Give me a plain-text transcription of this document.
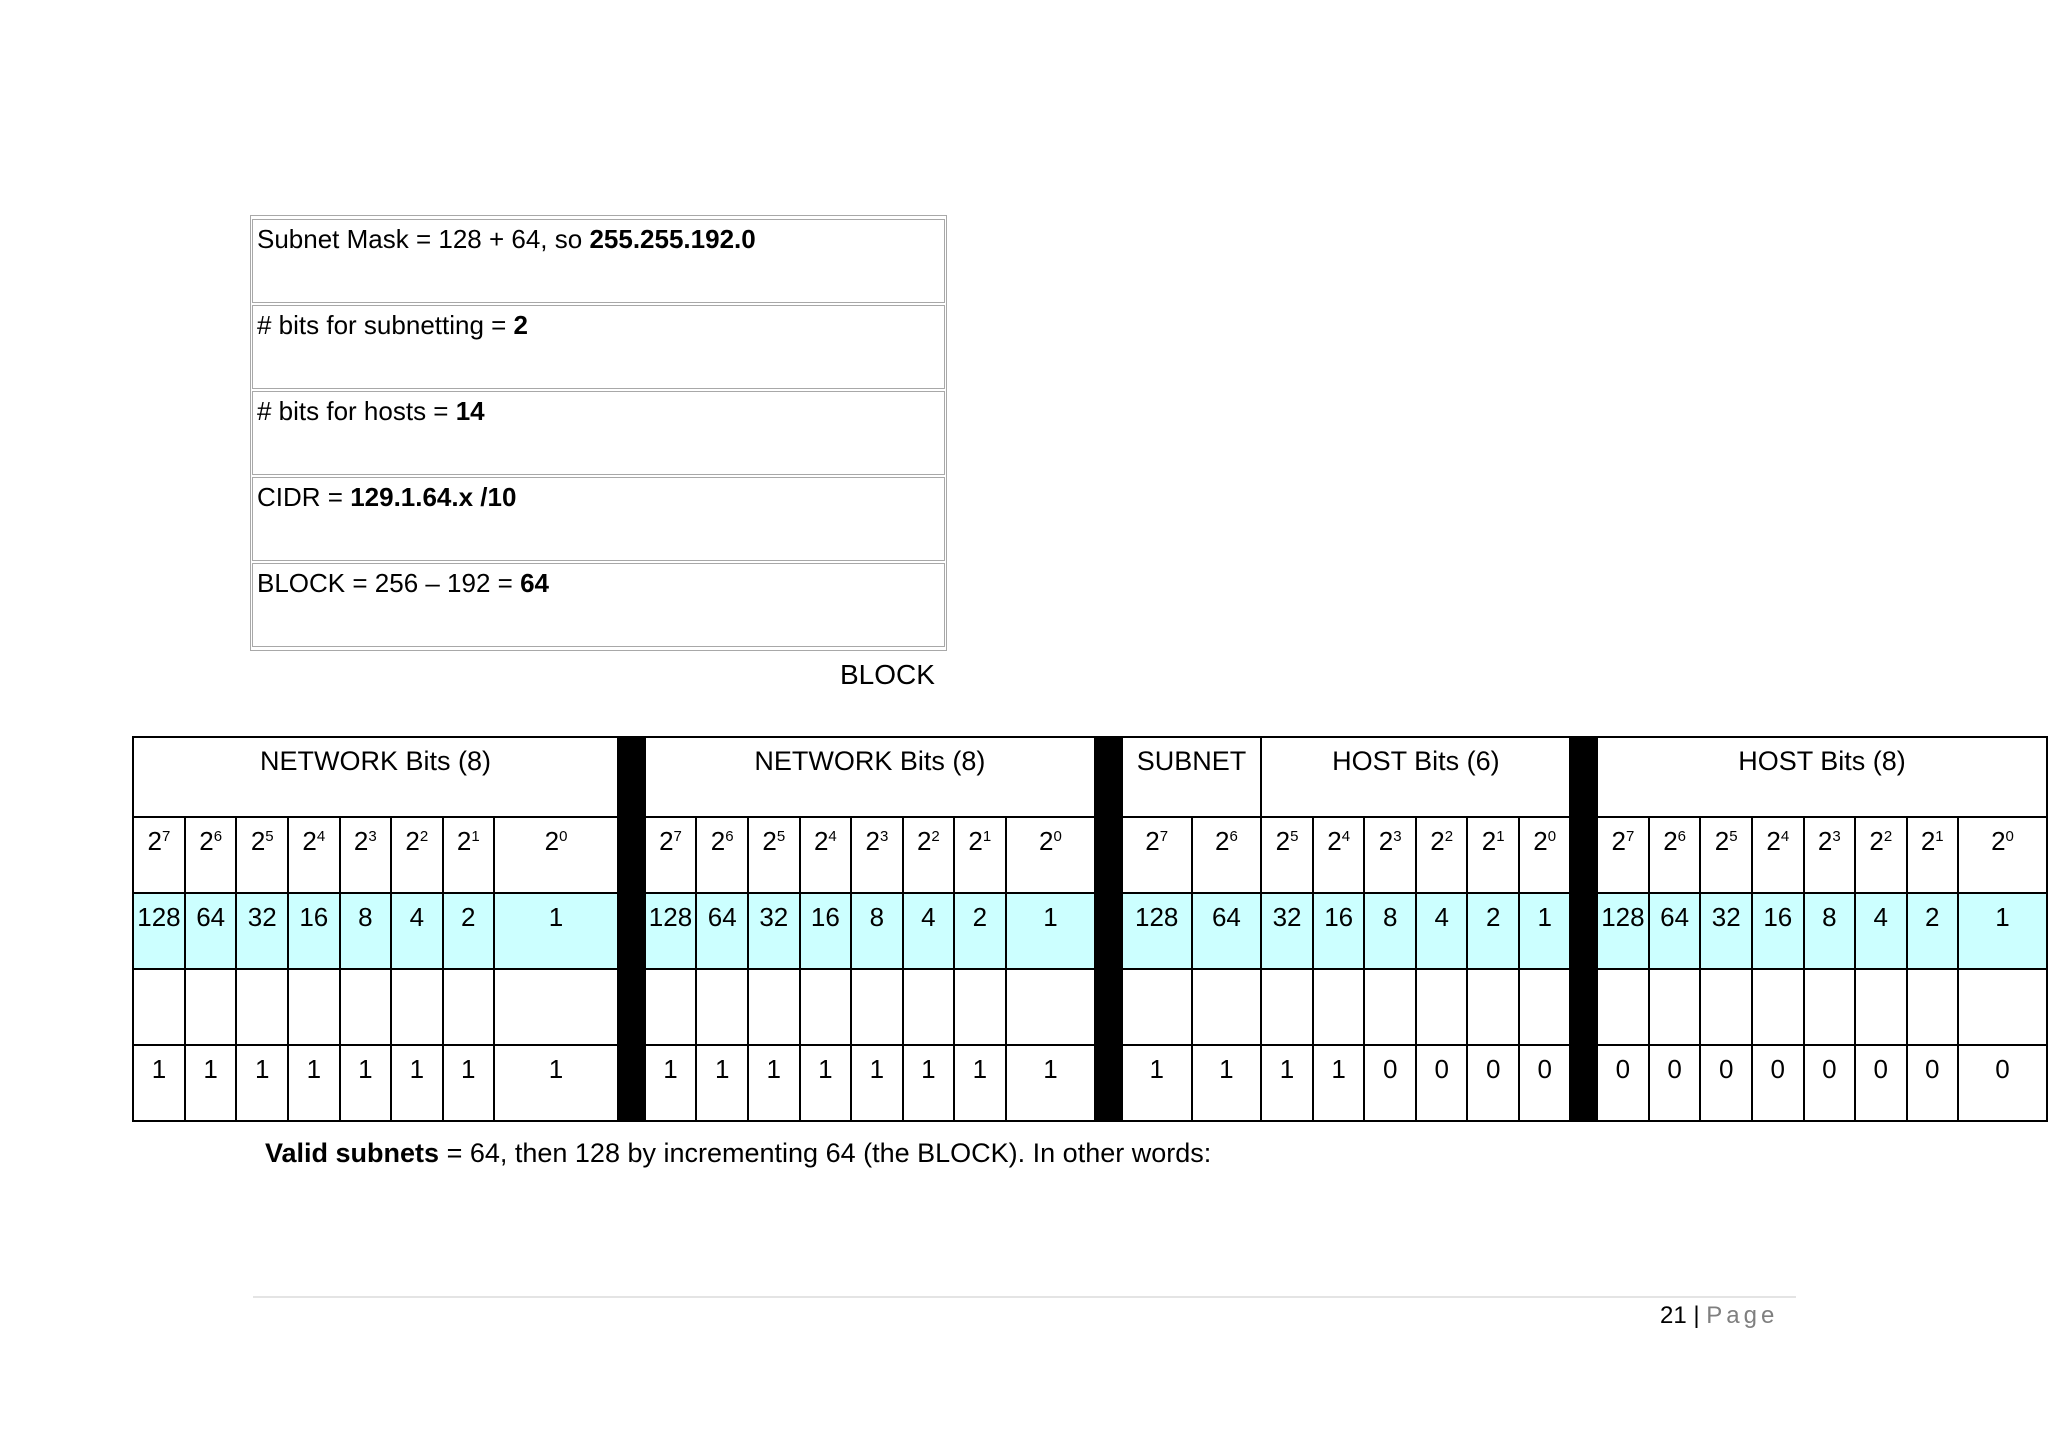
Subnet Mask = 128 + 64, so 255.255.192.0
# bits for subnetting = 2
# bits for hosts = 14
CIDR = 129.1.64.x /10
BLOCK = 256 – 192 = 64
BLOCK
NETWORK Bits (8)									NETWORK Bits (8)									SUBNET		HOST Bits (6)							HOST Bits (8)							
$2^7$	$2^6$	$2^5$	$2^4$	$2^3$	$2^2$	$2^1$	$2^0$		$2^7$	$2^6$	$2^5$	$2^4$	$2^3$	$2^2$	$2^1$	$2^0$		$2^7$	$2^6$	$2^5$	$2^4$	$2^3$	$2^2$	$2^1$	$2^0$		$2^7$	$2^6$	$2^5$	$2^4$	$2^3$	$2^2$	$2^1$	$2^0$
128	64	32	16	8	4	2	1		128	64	32	16	8	4	2	1		128	64	32	16	8	4	2	1		128	64	32	16	8	4	2	1

1	1	1	1	1	1	1	1		1	1	1	1	1	1	1	1		1	1	1	1	0	0	0	0		0	0	0	0	0	0	0	0
Valid subnets = 64, then 128 by incrementing 64 (the BLOCK). In other words:
21 | Page
